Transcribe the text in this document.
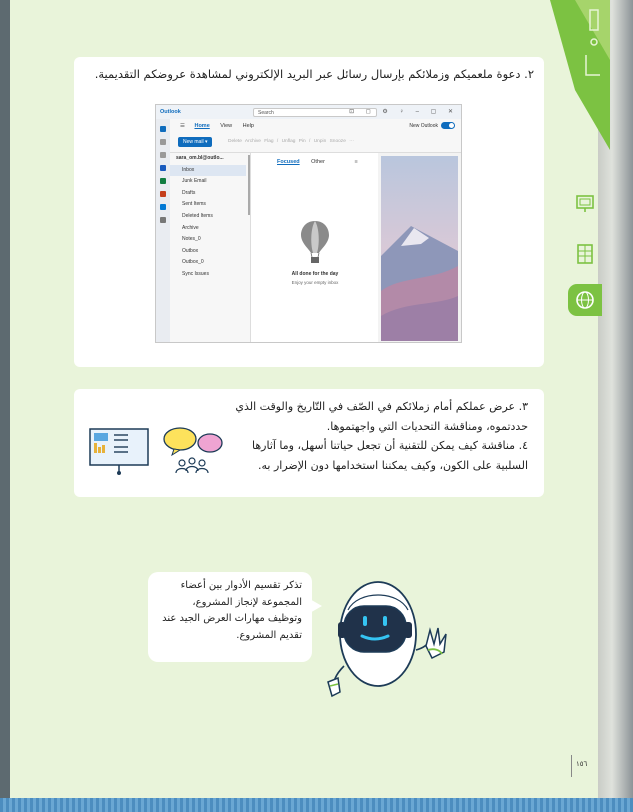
٢. دعوة ملعميكم وزملائكم بإرسال رسائل عبر البريد الإلكتروني لمشاهدة عروضكم التقديمية.

Outlook	Search	⊡ ◻ ⚙ ♀ – ▢ ✕
☰ Home View Help	New Outlook
New mail ▾	Delete Archive Flag / Unflag Pin / Unpin Snooze ···
sara_om.bl@outlo...
Inbox
Junk Email
Drafts
Sent Items
Deleted Items
Archive
Notes_0
Outbox
Outbox_0
Sync Issues
Focused Other	≡
All done for the day
Enjoy your empty inbox

٣. عرض عملكم أمام زملائكم في الصّف في التّاريخ والوقت الذي حددتموه، ومناقشة التحديات التي واجهتموها.

٤. مناقشة كيف يمكن للتقنية أن تجعل حياتنا أسهل، وما آثارها السلبية على الكون، وكيف يمكننا استخدامها دون الإضرار به.

تذكر تقسيم الأدوار بين أعضاء المجموعة لإنجاز المشروع، وتوظيف مهارات العرض الجيد عند تقديم المشروع.
١٥٦
